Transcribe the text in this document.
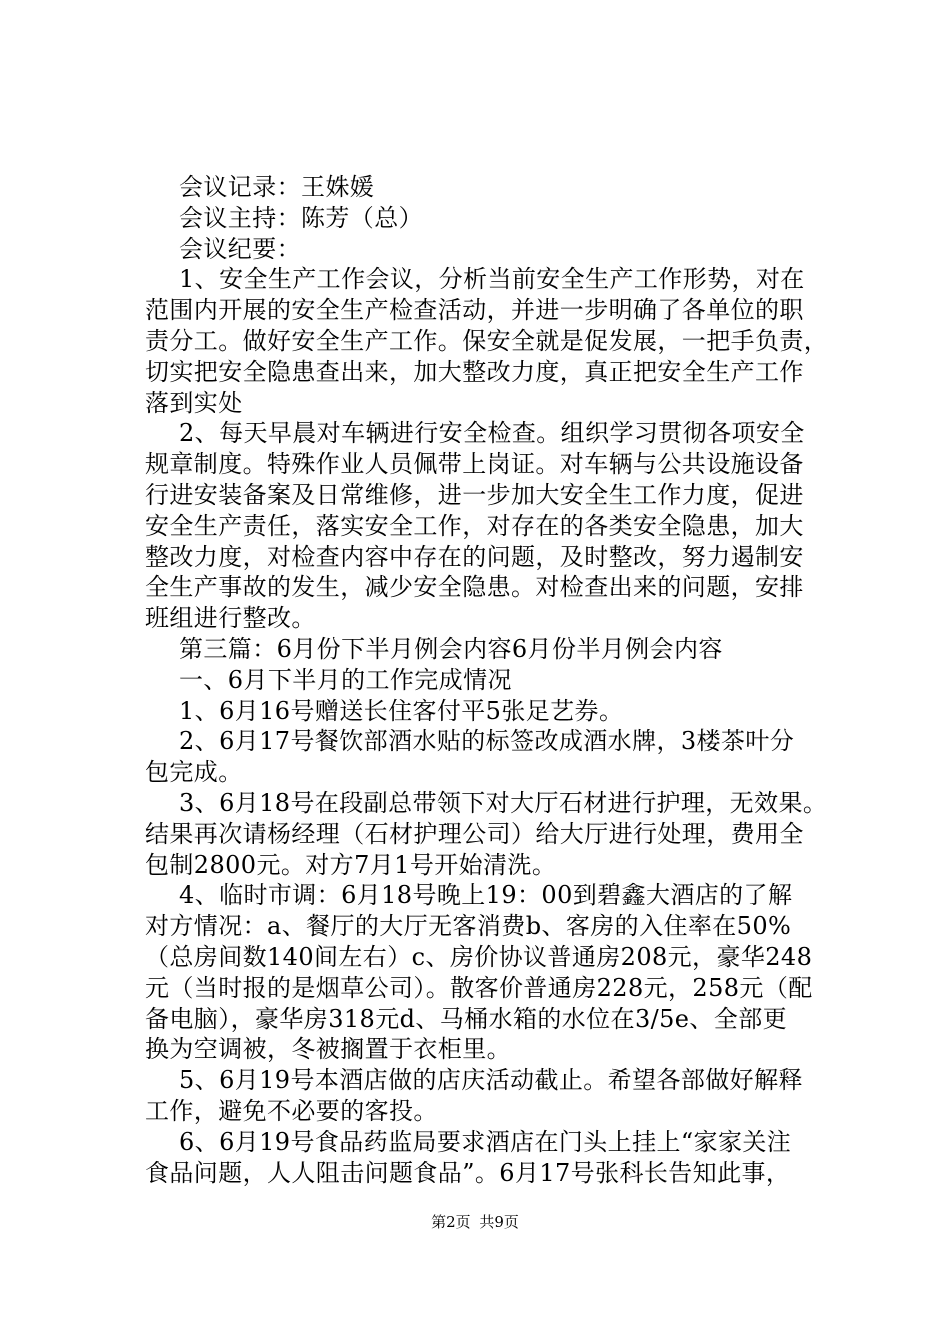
会议记录：王姝媛
会议主持：陈芳（总）
会议纪要：
1、安全生产工作会议，分析当前安全生产工作形势，对在
范围内开展的安全生产检查活动，并进一步明确了各单位的职
责分工。做好安全生产工作。保安全就是促发展，一把手负责，
切实把安全隐患查出来，加大整改力度，真正把安全生产工作
落到实处
2、每天早晨对车辆进行安全检查。组织学习贯彻各项安全
规章制度。特殊作业人员佩带上岗证。对车辆与公共设施设备
行进安装备案及日常维修，进一步加大安全生工作力度，促进
安全生产责任，落实安全工作，对存在的各类安全隐患，加大
整改力度，对检查内容中存在的问题，及时整改，努力遏制安
全生产事故的发生，减少安全隐患。对检查出来的问题，安排
班组进行整改。
第三篇：6月份下半月例会内容6月份半月例会内容
一、6月下半月的工作完成情况
1、6月16号赠送长住客付平5张足艺券。
2、6月17号餐饮部酒水贴的标签改成酒水牌，3楼茶叶分
包完成。
3、6月18号在段副总带领下对大厅石材进行护理，无效果。
结果再次请杨经理（石材护理公司）给大厅进行处理，费用全
包制2800元。对方7月1号开始清洗。
4、临时市调：6月18号晚上19：00到碧鑫大酒店的了解
对方情况：a、餐厅的大厅无客消费b、客房的入住率在50%
（总房间数140间左右）c、房价协议普通房208元，豪华248
元（当时报的是烟草公司）。散客价普通房228元，258元（配
备电脑），豪华房318元d、马桶水箱的水位在3/5e、全部更
换为空调被，冬被搁置于衣柜里。
5、6月19号本酒店做的店庆活动截止。希望各部做好解释
工作，避免不必要的客投。
6、6月19号食品药监局要求酒店在门头上挂上“家家关注
食品问题，人人阻击问题食品”。6月17号张科长告知此事，
第2页 共9页
